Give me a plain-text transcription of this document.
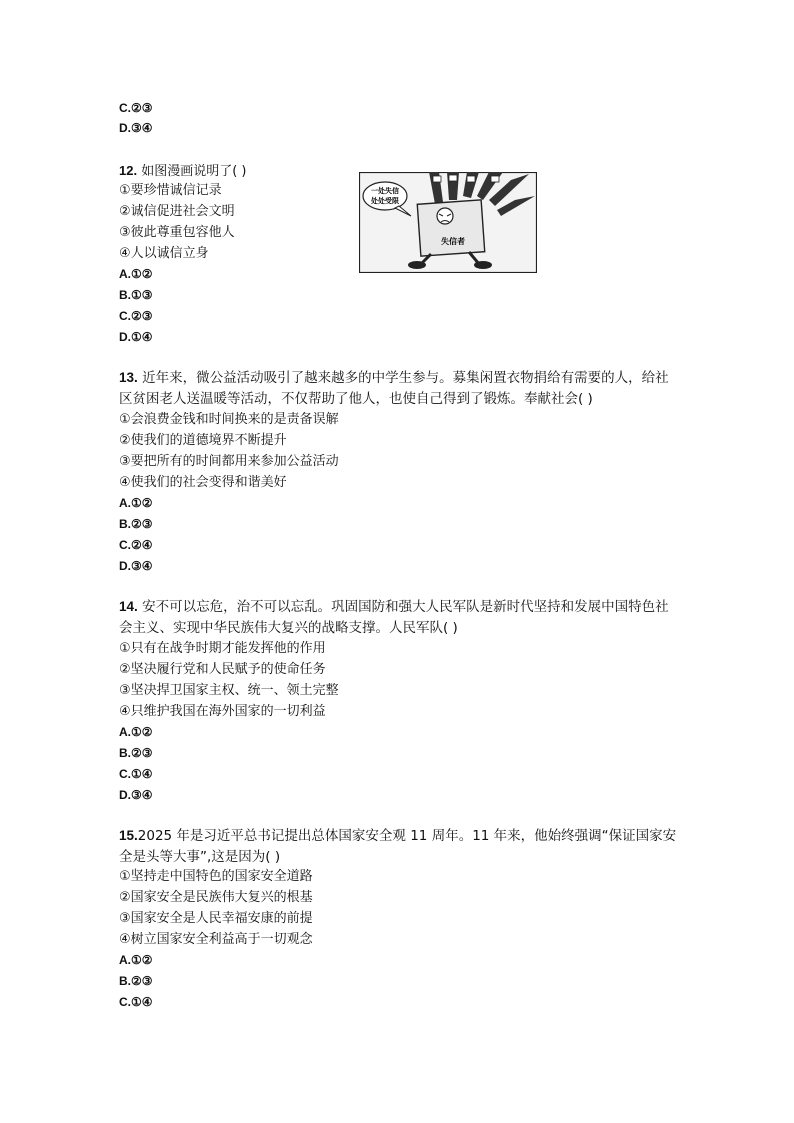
C.②③
D.③④
12. 如图漫画说明了( )
①要珍惜诚信记录
②诚信促进社会文明
③彼此尊重包容他人
④人以诚信立身
A.①②
B.①③
C.②③
D.①④
一处失信
处处受限
失信者
13. 近年来，微公益活动吸引了越来越多的中学生参与。募集闲置衣物捐给有需要的人，给社区贫困老人送温暖等活动，不仅帮助了他人，也使自己得到了锻炼。奉献社会( )
①会浪费金钱和时间换来的是责备误解
②使我们的道德境界不断提升
③要把所有的时间都用来参加公益活动
④使我们的社会变得和谐美好
A.①②
B.②③
C.②④
D.③④
14. 安不可以忘危，治不可以忘乱。巩固国防和强大人民军队是新时代坚持和发展中国特色社会主义、实现中华民族伟大复兴的战略支撑。人民军队( )
①只有在战争时期才能发挥他的作用
②坚决履行党和人民赋予的使命任务
③坚决捍卫国家主权、统一、领土完整
④只维护我国在海外国家的一切利益
A.①②
B.②③
C.①④
D.③④
15.2025 年是习近平总书记提出总体国家安全观 11 周年。11 年来，他始终强调“保证国家安全是头等大事”,这是因为( )
①坚持走中国特色的国家安全道路
②国家安全是民族伟大复兴的根基
③国家安全是人民幸福安康的前提
④树立国家安全利益高于一切观念
A.①②
B.②③
C.①④
